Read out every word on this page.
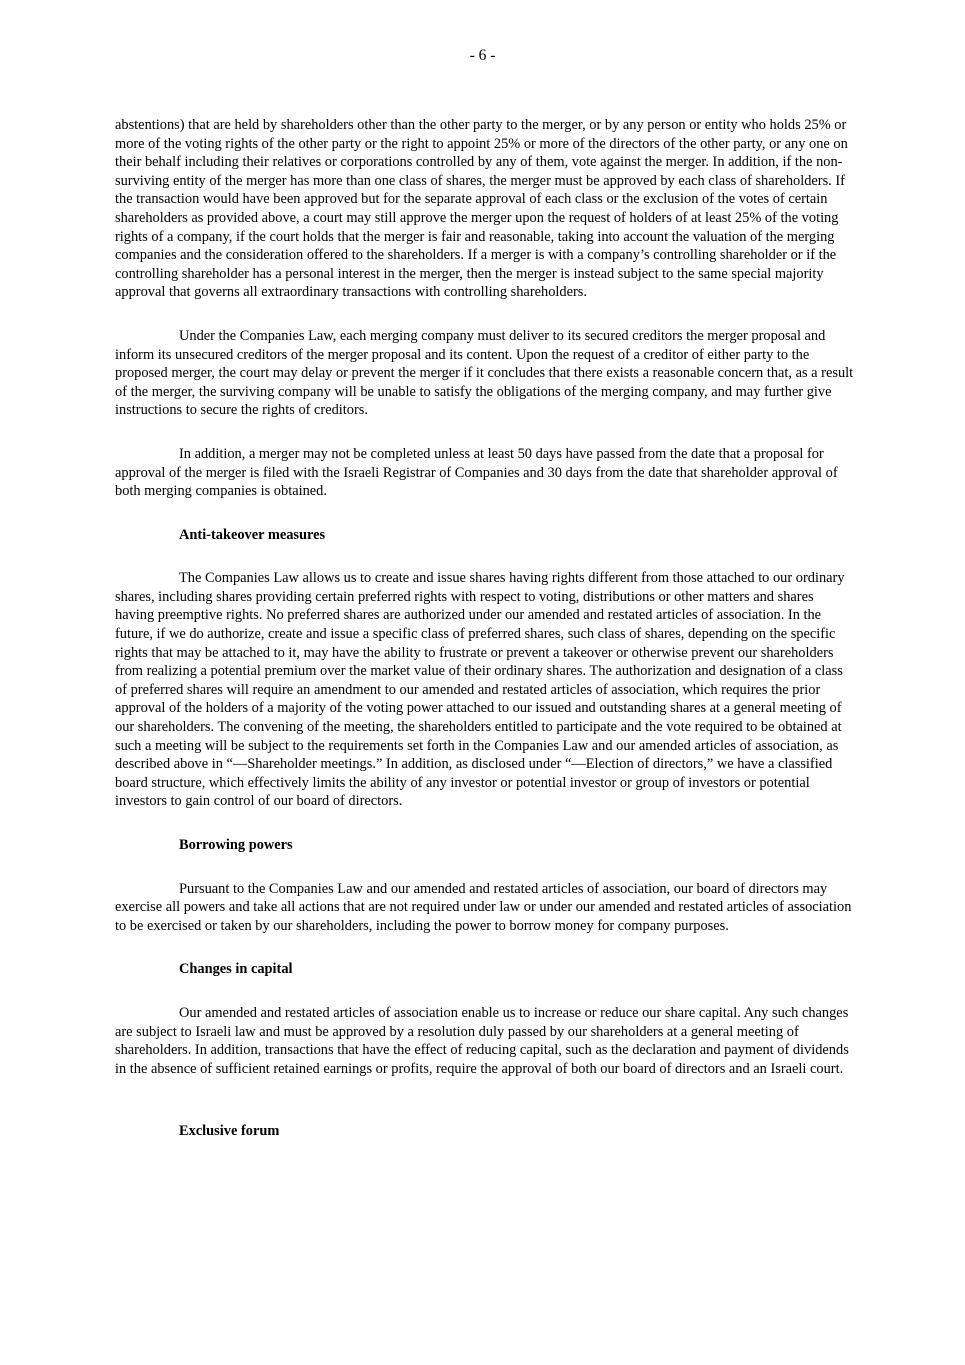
- 6 -

abstentions) that are held by shareholders other than the other party to the merger, or by any person or entity who holds 25% or more of the voting rights of the other party or the right to appoint 25% or more of the directors of the other party, or any one on their behalf including their relatives or corporations controlled by any of them, vote against the merger. In addition, if the non-surviving entity of the merger has more than one class of shares, the merger must be approved by each class of shareholders. If the transaction would have been approved but for the separate approval of each class or the exclusion of the votes of certain shareholders as provided above, a court may still approve the merger upon the request of holders of at least 25% of the voting rights of a company, if the court holds that the merger is fair and reasonable, taking into account the valuation of the merging companies and the consideration offered to the shareholders. If a merger is with a company’s controlling shareholder or if the controlling shareholder has a personal interest in the merger, then the merger is instead subject to the same special majority approval that governs all extraordinary transactions with controlling shareholders.

Under the Companies Law, each merging company must deliver to its secured creditors the merger proposal and inform its unsecured creditors of the merger proposal and its content. Upon the request of a creditor of either party to the proposed merger, the court may delay or prevent the merger if it concludes that there exists a reasonable concern that, as a result of the merger, the surviving company will be unable to satisfy the obligations of the merging company, and may further give instructions to secure the rights of creditors.

In addition, a merger may not be completed unless at least 50 days have passed from the date that a proposal for approval of the merger is filed with the Israeli Registrar of Companies and 30 days from the date that shareholder approval of both merging companies is obtained.

Anti-takeover measures

The Companies Law allows us to create and issue shares having rights different from those attached to our ordinary shares, including shares providing certain preferred rights with respect to voting, distributions or other matters and shares having preemptive rights. No preferred shares are authorized under our amended and restated articles of association. In the future, if we do authorize, create and issue a specific class of preferred shares, such class of shares, depending on the specific rights that may be attached to it, may have the ability to frustrate or prevent a takeover or otherwise prevent our shareholders from realizing a potential premium over the market value of their ordinary shares. The authorization and designation of a class of preferred shares will require an amendment to our amended and restated articles of association, which requires the prior approval of the holders of a majority of the voting power attached to our issued and outstanding shares at a general meeting of our shareholders. The convening of the meeting, the shareholders entitled to participate and the vote required to be obtained at such a meeting will be subject to the requirements set forth in the Companies Law and our amended articles of association, as described above in “—Shareholder meetings.” In addition, as disclosed under “—Election of directors,” we have a classified board structure, which effectively limits the ability of any investor or potential investor or group of investors or potential investors to gain control of our board of directors.

Borrowing powers

Pursuant to the Companies Law and our amended and restated articles of association, our board of directors may exercise all powers and take all actions that are not required under law or under our amended and restated articles of association to be exercised or taken by our shareholders, including the power to borrow money for company purposes.

Changes in capital

Our amended and restated articles of association enable us to increase or reduce our share capital. Any such changes are subject to Israeli law and must be approved by a resolution duly passed by our shareholders at a general meeting of shareholders. In addition, transactions that have the effect of reducing capital, such as the declaration and payment of dividends in the absence of sufficient retained earnings or profits, require the approval of both our board of directors and an Israeli court.

Exclusive forum
